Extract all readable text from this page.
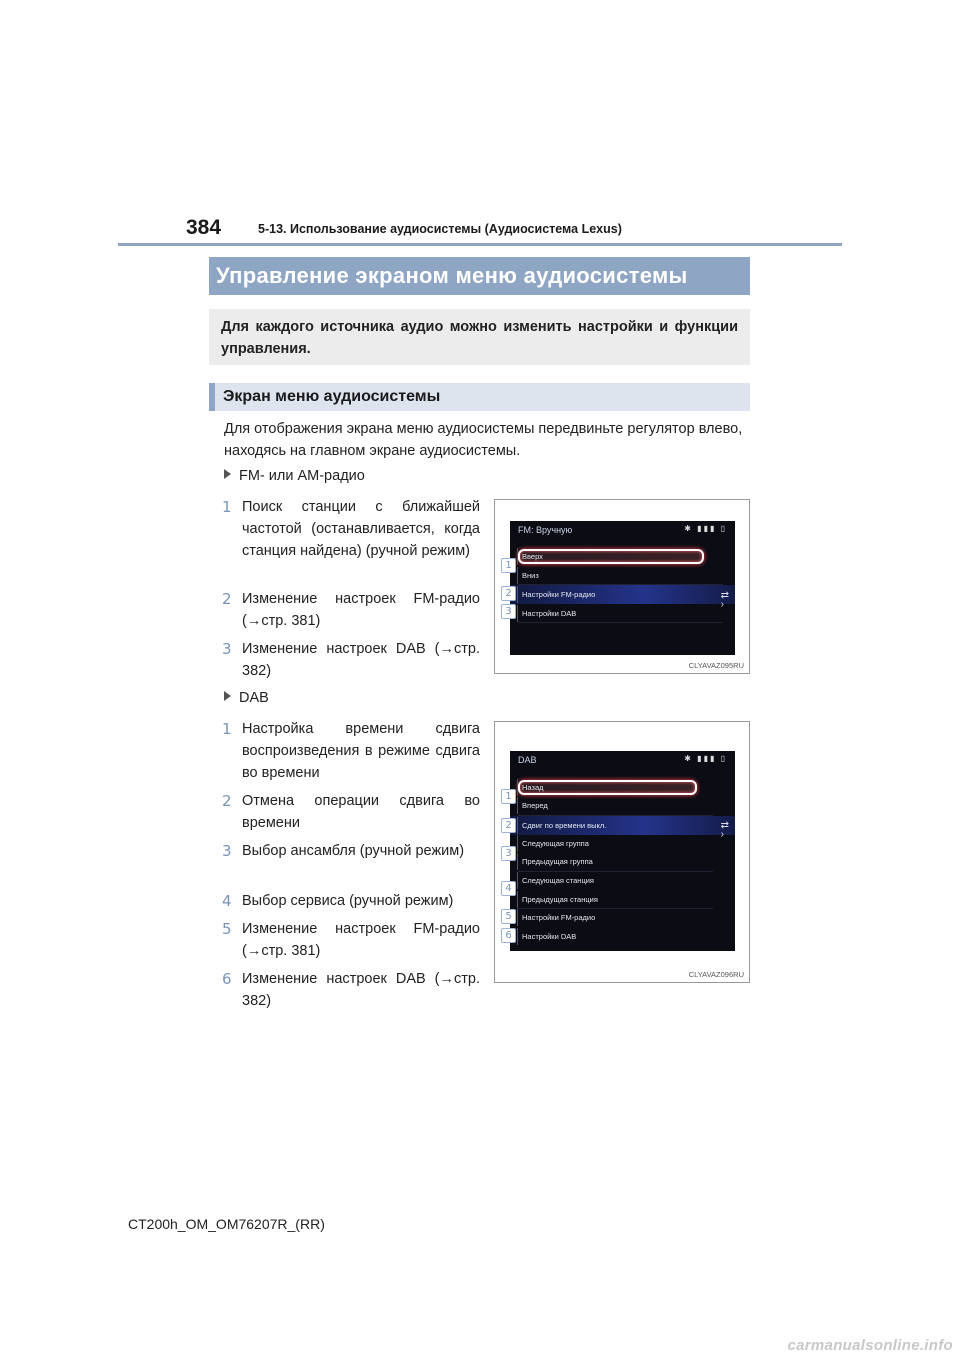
384	5-13. Использование аудиосистемы (Аудиосистема Lexus)
Управление экраном меню аудиосистемы
Для каждого источника аудио можно изменить настройки и функции управления.
Экран меню аудиосистемы
Для отображения экрана меню аудиосистемы передвиньте регулятор влево, находясь на главном экране аудиосистемы.
FM- или AM-радио
1 Поиск станции с ближайшей частотой (останавливается, когда станция найдена) (ручной режим)
2 Изменение настроек FM-радио (→стр. 381)
3 Изменение настроек DAB (→стр. 382)
FM: Вручную	✱ ▮▮▮ ▯
Вверх
Вниз
Настройки FM-радио
Настройки DAB
⇄
›
1
2
3
CLYAVAZ095RU
DAB
1 Настройка времени сдвига воспроизведения в режиме сдвига во времени
2 Отмена операции сдвига во времени
3 Выбор ансамбля (ручной режим)
4 Выбор сервиса (ручной режим)
5 Изменение настроек FM-радио (→стр. 381)
6 Изменение настроек DAB (→стр. 382)
DAB	✱ ▮▮▮ ▯
Назад
Вперед
Сдвиг по времени выкл.
Следующая группа
Предыдущая группа
Следующая станция
Предыдущая станция
Настройки FM-радио
Настройки DAB
⇄
›
1
2
3
4
5
6
CLYAVAZ096RU
CT200h_OM_OM76207R_(RR)
carmanualsonline.info
